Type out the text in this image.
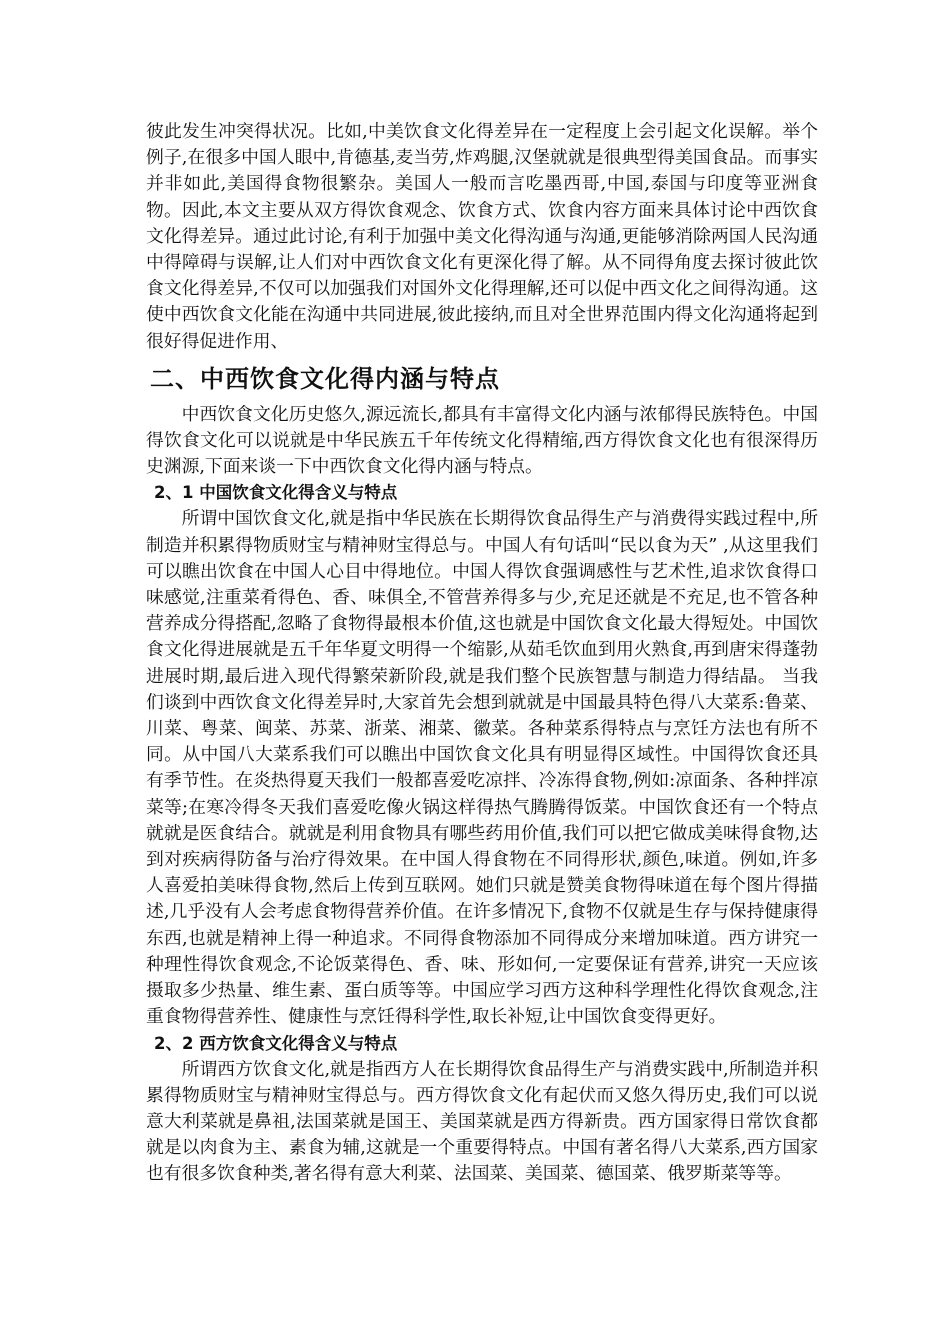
彼此发生冲突得状况。比如,中美饮食文化得差异在一定程度上会引起文化误解。举个例子,在很多中国人眼中,肯德基,麦当劳,炸鸡腿,汉堡就就是很典型得美国食品。而事实并非如此,美国得食物很繁杂。美国人一般而言吃墨西哥,中国,泰国与印度等亚洲食物。因此,本文主要从双方得饮食观念、饮食方式、饮食内容方面来具体讨论中西饮食文化得差异。通过此讨论,有利于加强中美文化得沟通与沟通,更能够消除两国人民沟通中得障碍与误解,让人们对中西饮食文化有更深化得了解。从不同得角度去探讨彼此饮食文化得差异,不仅可以加强我们对国外文化得理解,还可以促中西文化之间得沟通。这使中西饮食文化能在沟通中共同进展,彼此接纳,而且对全世界范围内得文化沟通将起到很好得促进作用、

二、中西饮食文化得内涵与特点

中西饮食文化历史悠久,源远流长,都具有丰富得文化内涵与浓郁得民族特色。中国得饮食文化可以说就是中华民族五千年传统文化得精缩,西方得饮食文化也有很深得历史渊源,下面来谈一下中西饮食文化得内涵与特点。

2、1 中国饮食文化得含义与特点

所谓中国饮食文化,就是指中华民族在长期得饮食品得生产与消费得实践过程中,所制造并积累得物质财宝与精神财宝得总与。中国人有句话叫“民以食为天” ,从这里我们可以瞧出饮食在中国人心目中得地位。中国人得饮食强调感性与艺术性,追求饮食得口味感觉,注重菜肴得色、香、味俱全,不管营养得多与少,充足还就是不充足,也不管各种营养成分得搭配,忽略了食物得最根本价值,这也就是中国饮食文化最大得短处。中国饮食文化得进展就是五千年华夏文明得一个缩影,从茹毛饮血到用火熟食,再到唐宋得蓬勃进展时期,最后进入现代得繁荣新阶段,就是我们整个民族智慧与制造力得结晶。 当我们谈到中西饮食文化得差异时,大家首先会想到就就是中国最具特色得八大菜系:鲁菜、川菜、粤菜、闽菜、苏菜、浙菜、湘菜、徽菜。各种菜系得特点与烹饪方法也有所不同。从中国八大菜系我们可以瞧出中国饮食文化具有明显得区域性。中国得饮食还具有季节性。在炎热得夏天我们一般都喜爱吃凉拌、冷冻得食物,例如:凉面条、各种拌凉菜等;在寒冷得冬天我们喜爱吃像火锅这样得热气腾腾得饭菜。中国饮食还有一个特点就就是医食结合。就就是利用食物具有哪些药用价值,我们可以把它做成美味得食物,达到对疾病得防备与治疗得效果。在中国人得食物在不同得形状,颜色,味道。例如,许多人喜爱拍美味得食物,然后上传到互联网。她们只就是赞美食物得味道在每个图片得描述,几乎没有人会考虑食物得营养价值。在许多情况下,食物不仅就是生存与保持健康得东西,也就是精神上得一种追求。不同得食物添加不同得成分来增加味道。西方讲究一种理性得饮食观念,不论饭菜得色、香、味、形如何,一定要保证有营养,讲究一天应该摄取多少热量、维生素、蛋白质等等。中国应学习西方这种科学理性化得饮食观念,注重食物得营养性、健康性与烹饪得科学性,取长补短,让中国饮食变得更好。

2、2 西方饮食文化得含义与特点

所谓西方饮食文化,就是指西方人在长期得饮食品得生产与消费实践中,所制造并积累得物质财宝与精神财宝得总与。西方得饮食文化有起伏而又悠久得历史,我们可以说意大利菜就是鼻祖,法国菜就是国王、美国菜就是西方得新贵。西方国家得日常饮食都就是以肉食为主、素食为辅,这就是一个重要得特点。中国有著名得八大菜系,西方国家也有很多饮食种类,著名得有意大利菜、法国菜、美国菜、德国菜、俄罗斯菜等等。
